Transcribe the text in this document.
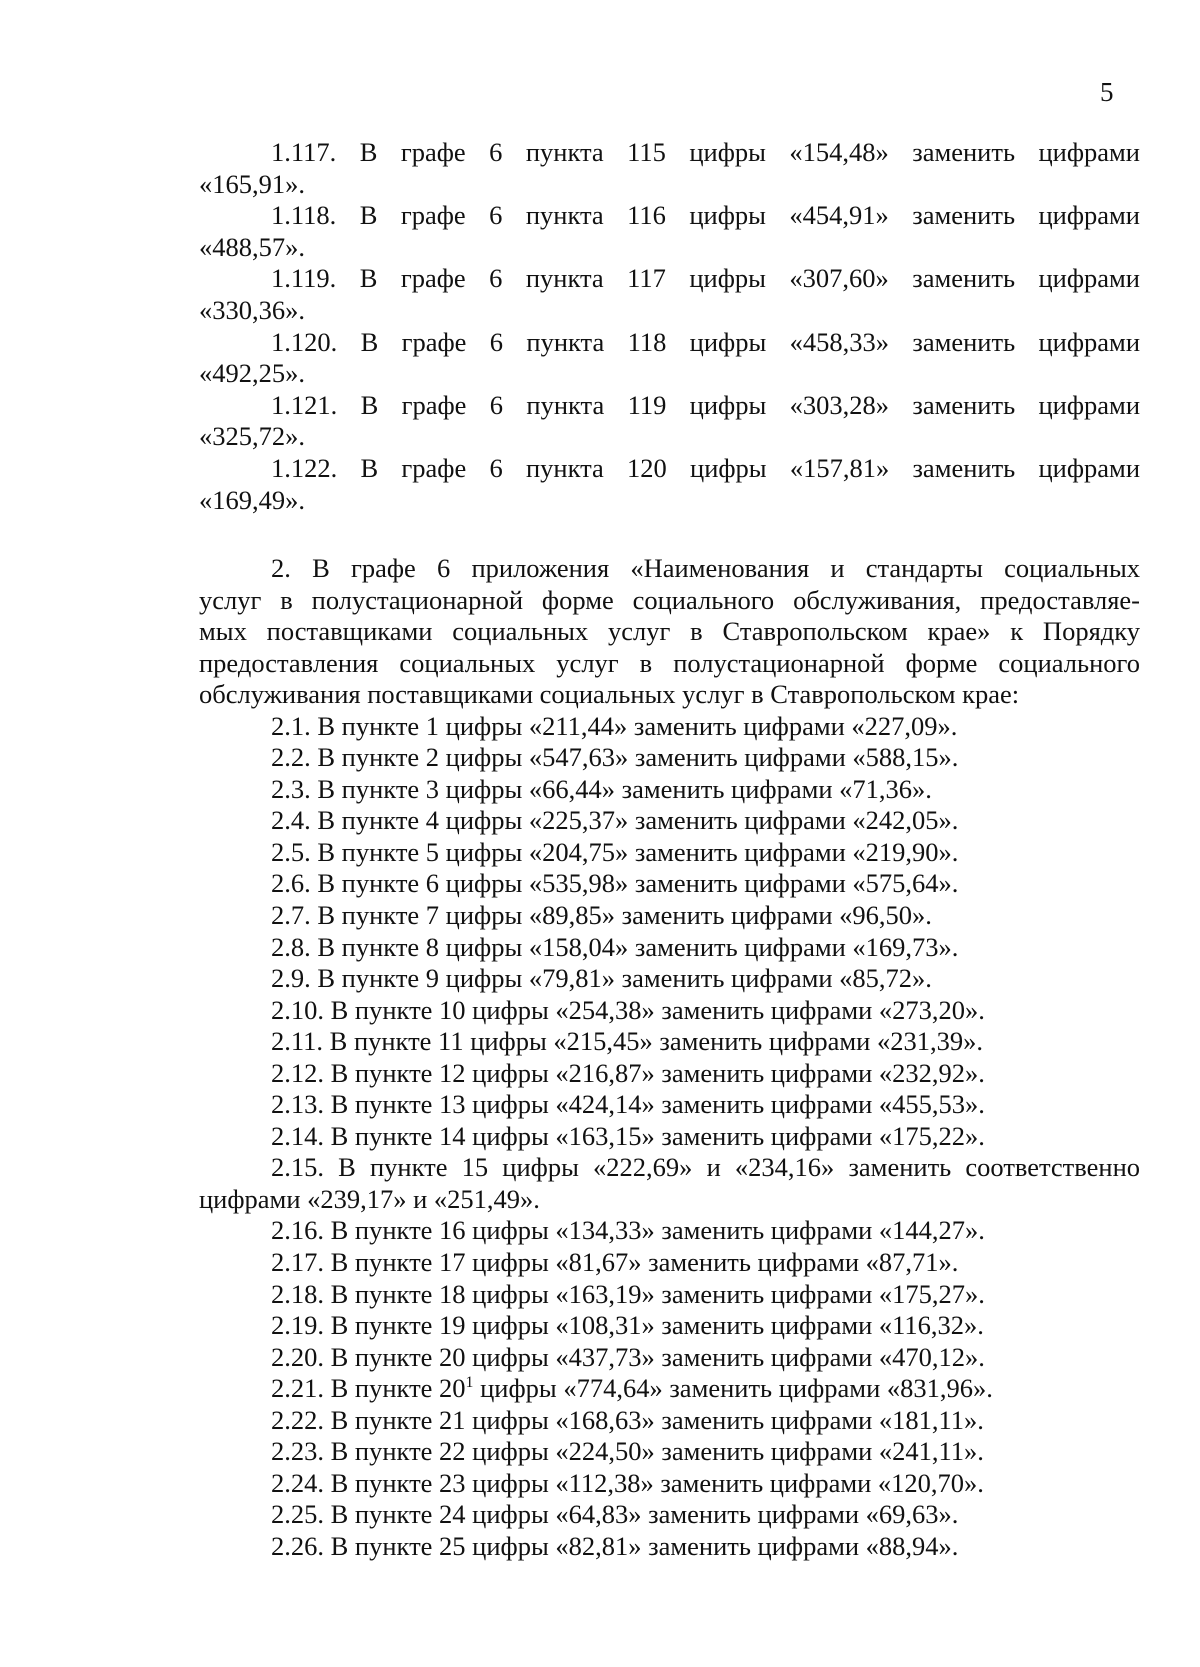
5
1.117. В графе 6 пункта 115 цифры «154,48» заменить цифрами
«165,91».
1.118. В графе 6 пункта 116 цифры «454,91» заменить цифрами
«488,57».
1.119. В графе 6 пункта 117 цифры «307,60» заменить цифрами
«330,36».
1.120. В графе 6 пункта 118 цифры «458,33» заменить цифрами
«492,25».
1.121. В графе 6 пункта 119 цифры «303,28» заменить цифрами
«325,72».
1.122. В графе 6 пункта 120 цифры «157,81» заменить цифрами
«169,49».
2. В графе 6 приложения «Наименования и стандарты социальных
услуг в полустационарной форме социального обслуживания, предоставляе-
мых поставщиками социальных услуг в Ставропольском крае» к Порядку
предоставления социальных услуг в полустационарной форме социального
обслуживания поставщиками социальных услуг в Ставропольском крае:
2.1. В пункте 1 цифры «211,44» заменить цифрами «227,09».
2.2. В пункте 2 цифры «547,63» заменить цифрами «588,15».
2.3. В пункте 3 цифры «66,44» заменить цифрами «71,36».
2.4. В пункте 4 цифры «225,37» заменить цифрами «242,05».
2.5. В пункте 5 цифры «204,75» заменить цифрами «219,90».
2.6. В пункте 6 цифры «535,98» заменить цифрами «575,64».
2.7. В пункте 7 цифры «89,85» заменить цифрами «96,50».
2.8. В пункте 8 цифры «158,04» заменить цифрами «169,73».
2.9. В пункте 9 цифры «79,81» заменить цифрами «85,72».
2.10. В пункте 10 цифры «254,38» заменить цифрами «273,20».
2.11. В пункте 11 цифры «215,45» заменить цифрами «231,39».
2.12. В пункте 12 цифры «216,87» заменить цифрами «232,92».
2.13. В пункте 13 цифры «424,14» заменить цифрами «455,53».
2.14. В пункте 14 цифры «163,15» заменить цифрами «175,22».
2.15. В пункте 15 цифры «222,69» и «234,16» заменить соответственно
цифрами «239,17» и «251,49».
2.16. В пункте 16 цифры «134,33» заменить цифрами «144,27».
2.17. В пункте 17 цифры «81,67» заменить цифрами «87,71».
2.18. В пункте 18 цифры «163,19» заменить цифрами «175,27».
2.19. В пункте 19 цифры «108,31» заменить цифрами «116,32».
2.20. В пункте 20 цифры «437,73» заменить цифрами «470,12».
2.21. В пункте $20^1$ цифры «774,64» заменить цифрами «831,96».
2.22. В пункте 21 цифры «168,63» заменить цифрами «181,11».
2.23. В пункте 22 цифры «224,50» заменить цифрами «241,11».
2.24. В пункте 23 цифры «112,38» заменить цифрами «120,70».
2.25. В пункте 24 цифры «64,83» заменить цифрами «69,63».
2.26. В пункте 25 цифры «82,81» заменить цифрами «88,94».
